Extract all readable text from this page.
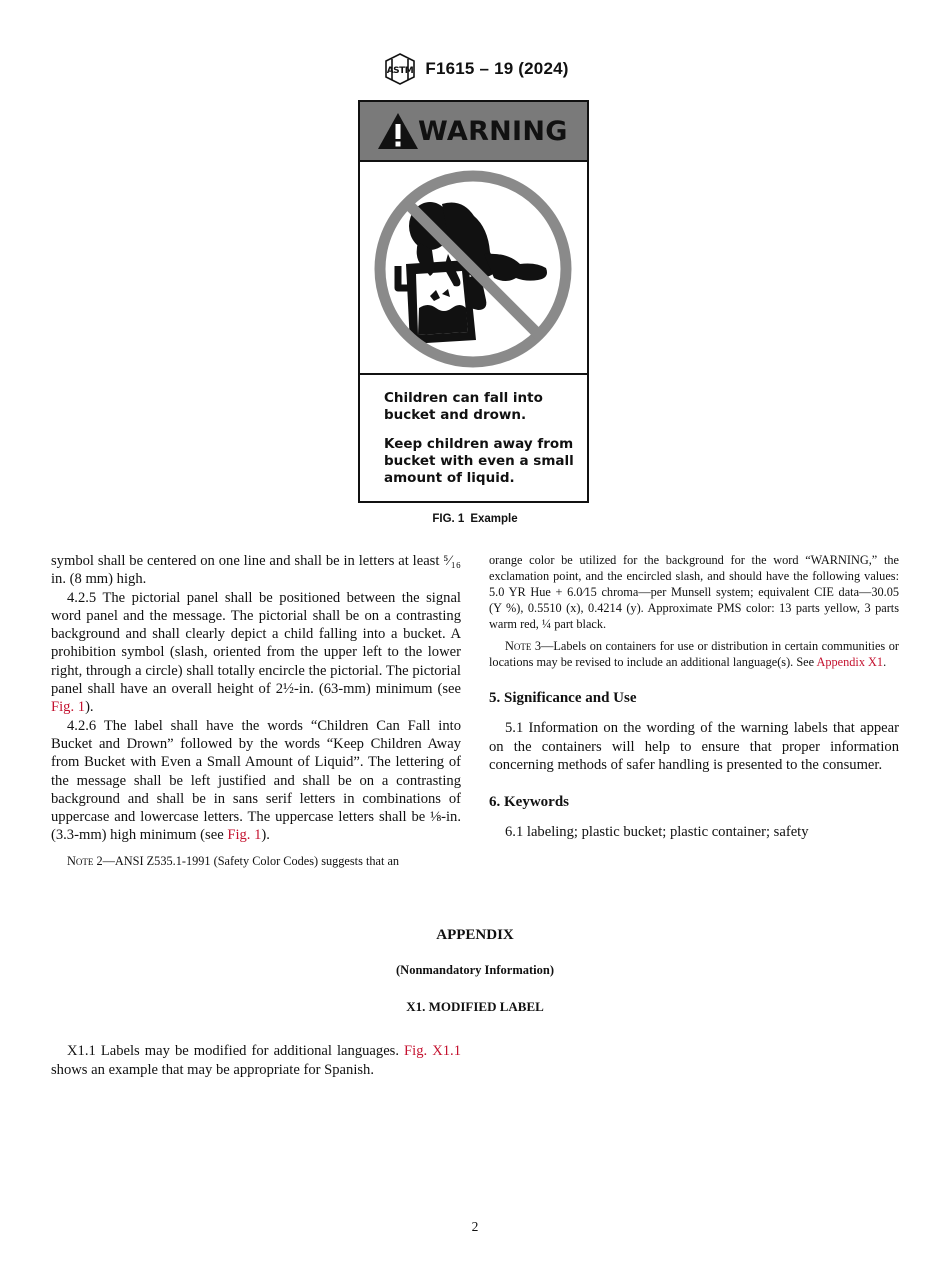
ASTM F1615 – 19 (2024)
WARNING

Children can fall into bucket and drown.

Keep children away from bucket with even a small amount of liquid.

FIG. 1 Example

symbol shall be centered on one line and shall be in letters at least ⁵⁄₁₆ in. (8 mm) high.

4.2.5 The pictorial panel shall be positioned between the signal word panel and the message. The pictorial shall be on a contrasting background and shall clearly depict a child falling into a bucket. A prohibition symbol (slash, oriented from the upper left to the lower right, through a circle) shall totally encircle the pictorial. The pictorial panel shall have an overall height of 2½-in. (63-mm) minimum (see Fig. 1).

4.2.6 The label shall have the words “Children Can Fall into Bucket and Drown” followed by the words “Keep Children Away from Bucket with Even a Small Amount of Liquid”. The lettering of the message shall be left justified and shall be on a contrasting background and shall be in sans serif letters in combinations of uppercase and lowercase letters. The uppercase letters shall be ⅛-in. (3.3-mm) high minimum (see Fig. 1).

Note 2—ANSI Z535.1-1991 (Safety Color Codes) suggests that an

orange color be utilized for the background for the word “WARNING,” the exclamation point, and the encircled slash, and should have the following values: 5.0 YR Hue + 6.0⁄15 chroma—per Munsell system; equivalent CIE data—30.05 (Y %), 0.5510 (x), 0.4214 (y). Approximate PMS color: 13 parts yellow, 3 parts warm red, ¼ part black.

Note 3—Labels on containers for use or distribution in certain communities or locations may be revised to include an additional language(s). See Appendix X1.

5. Significance and Use

5.1 Information on the wording of the warning labels that appear on the containers will help to ensure that proper information concerning methods of safer handling is presented to the consumer.

6. Keywords

6.1 labeling; plastic bucket; plastic container; safety

APPENDIX
(Nonmandatory Information)
X1. MODIFIED LABEL

X1.1 Labels may be modified for additional languages. Fig. X1.1 shows an example that may be appropriate for Spanish.

2
